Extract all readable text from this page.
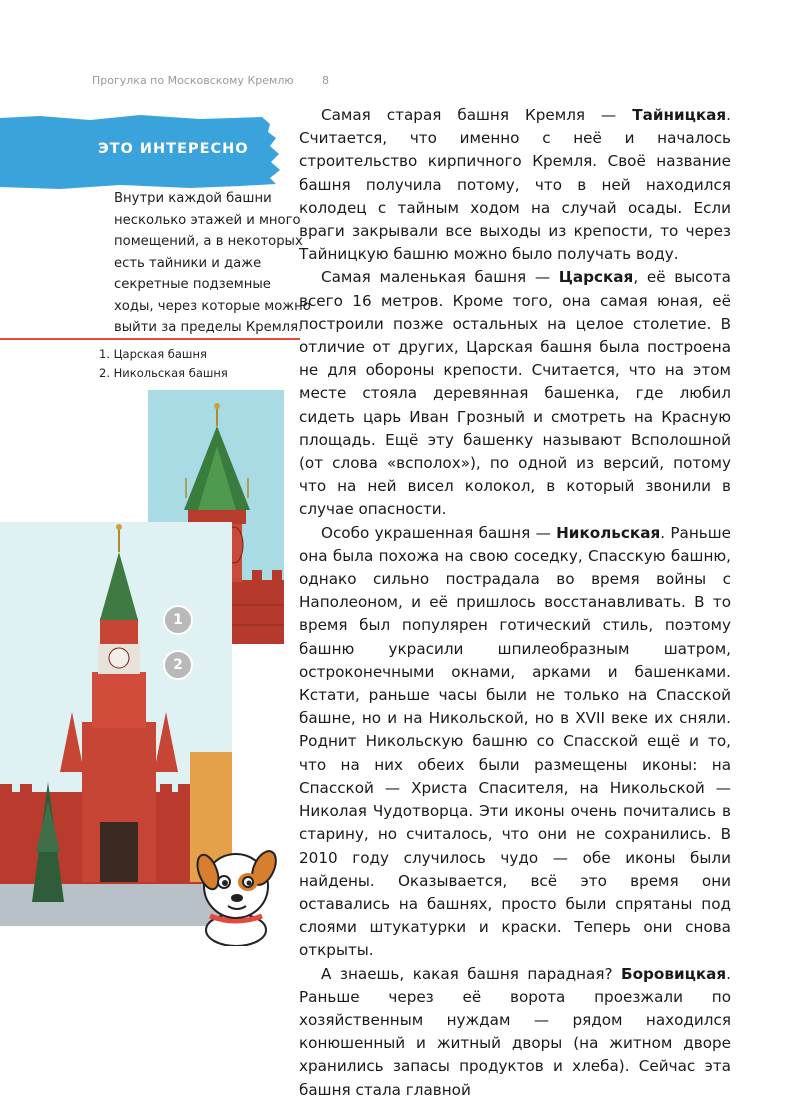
Прогулка по Московскому Кремлю	8
ЭТО ИНТЕРЕСНО
Внутри каждой башни несколько этажей и много помещений, а в некоторых есть тайники и даже секретные подземные ходы, через которые можно выйти за пределы Кремля.
1. Царская башня
2. Никольская башня
1
2

Самая старая башня Кремля — Тайницкая. Считается, что именно с неё и началось строительство кирпичного Кремля. Своё название башня получила потому, что в ней находился колодец с тайным ходом на случай осады. Если враги закрывали все выходы из крепости, то через Тайницкую башню можно было получать воду.

Самая маленькая башня — Царская, её высота всего 16 метров. Кроме того, она самая юная, её построили позже остальных на целое столетие. В отличие от других, Царская башня была построена не для обороны крепости. Считается, что на этом месте стояла деревянная башенка, где любил сидеть царь Иван Грозный и смотреть на Красную площадь. Ещё эту башенку называют Всполошной (от слова «всполох»), по одной из версий, потому что на ней висел колокол, в который звонили в случае опасности.

Особо украшенная башня — Никольская. Раньше она была похожа на свою соседку, Спасскую башню, однако сильно пострадала во время войны с Наполеоном, и её пришлось восстанавливать. В то время был популярен готический стиль, поэтому башню украсили шпилеобразным шатром, остроконечными окнами, арками и башенками. Кстати, раньше часы были не только на Спасской башне, но и на Никольской, но в XVII веке их сняли. Роднит Никольскую башню со Спасской ещё и то, что на них обеих были размещены иконы: на Спасской — Христа Спасителя, на Никольской — Николая Чудотворца. Эти иконы очень почитались в старину, но считалось, что они не сохранились. В 2010 году случилось чудо — обе иконы были найдены. Оказывается, всё это время они оставались на башнях, просто были спрятаны под слоями штукатурки и краски. Теперь они снова открыты.

А знаешь, какая башня парадная? Боровицкая. Раньше через её ворота проезжали по хозяйственным нуждам — рядом находился конюшенный и житный дворы (на житном дворе хранились запасы продуктов и хлеба). Сейчас эта башня стала главной
